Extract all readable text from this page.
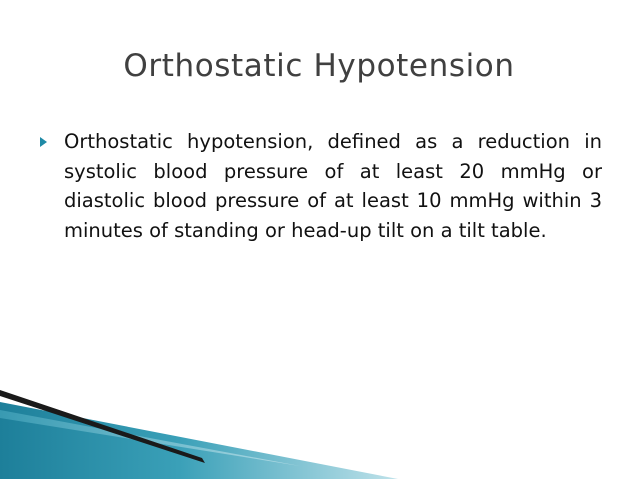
Orthostatic Hypotension
Orthostatic hypotension, defined as a reduction in systolic blood pressure of at least 20 mmHg or diastolic blood pressure of at least 10 mmHg within 3 minutes of standing or head-up tilt on a tilt table.
